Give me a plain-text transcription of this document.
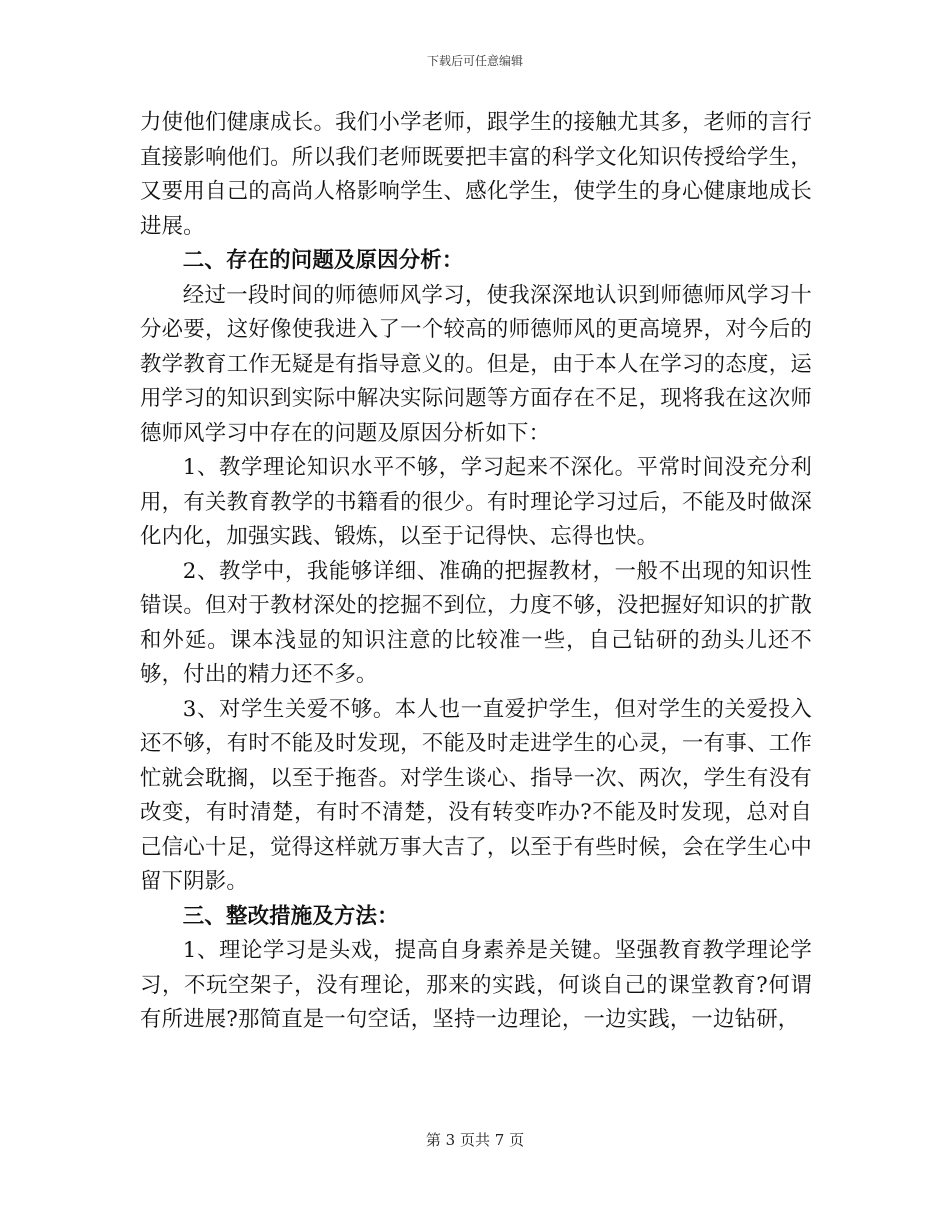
下载后可任意编辑

力使他们健康成长。我们小学老师，跟学生的接触尤其多，老师的言行直接影响他们。所以我们老师既要把丰富的科学文化知识传授给学生，又要用自己的高尚人格影响学生、感化学生，使学生的身心健康地成长进展。

二、存在的问题及原因分析：

经过一段时间的师德师风学习，使我深深地认识到师德师风学习十分必要，这好像使我进入了一个较高的师德师风的更高境界，对今后的教学教育工作无疑是有指导意义的。但是，由于本人在学习的态度，运用学习的知识到实际中解决实际问题等方面存在不足，现将我在这次师德师风学习中存在的问题及原因分析如下：

1、教学理论知识水平不够，学习起来不深化。平常时间没充分利用，有关教育教学的书籍看的很少。有时理论学习过后，不能及时做深化内化，加强实践、锻炼，以至于记得快、忘得也快。

2、教学中，我能够详细、准确的把握教材，一般不出现的知识性错误。但对于教材深处的挖掘不到位，力度不够，没把握好知识的扩散和外延。课本浅显的知识注意的比较准一些，自己钻研的劲头儿还不够，付出的精力还不多。

3、对学生关爱不够。本人也一直爱护学生，但对学生的关爱投入还不够，有时不能及时发现，不能及时走进学生的心灵，一有事、工作忙就会耽搁，以至于拖沓。对学生谈心、指导一次、两次，学生有没有改变，有时清楚，有时不清楚，没有转变咋办?不能及时发现，总对自己信心十足，觉得这样就万事大吉了，以至于有些时候，会在学生心中留下阴影。

三、整改措施及方法：

1、理论学习是头戏，提高自身素养是关键。坚强教育教学理论学习，不玩空架子，没有理论，那来的实践，何谈自己的课堂教育?何谓有所进展?那简直是一句空话，坚持一边理论，一边实践，一边钻研，

第 3 页共 7 页
